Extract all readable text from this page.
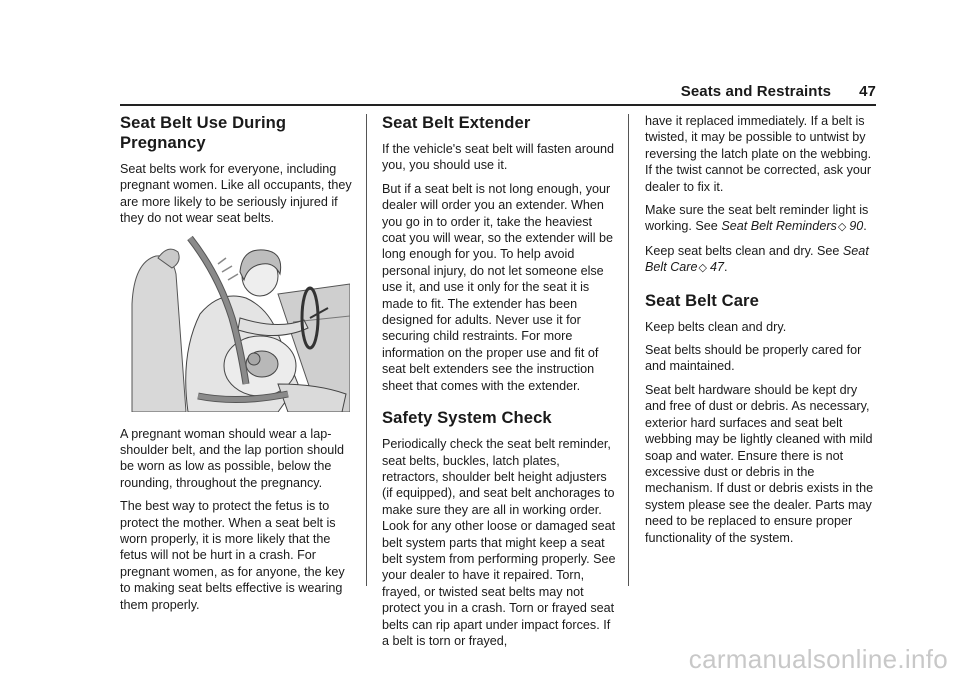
Seats and Restraints 47
Seat Belt Use During Pregnancy

Seat belts work for everyone, including pregnant women. Like all occupants, they are more likely to be seriously injured if they do not wear seat belts.

A pregnant woman should wear a lap-shoulder belt, and the lap portion should be worn as low as possible, below the rounding, throughout the pregnancy.

The best way to protect the fetus is to protect the mother. When a seat belt is worn properly, it is more likely that the fetus will not be hurt in a crash. For pregnant women, as for anyone, the key to making seat belts effective is wearing them properly.

Seat Belt Extender

If the vehicle's seat belt will fasten around you, you should use it.

But if a seat belt is not long enough, your dealer will order you an extender. When you go in to order it, take the heaviest coat you will wear, so the extender will be long enough for you. To help avoid personal injury, do not let someone else use it, and use it only for the seat it is made to fit. The extender has been designed for adults. Never use it for securing child restraints. For more information on the proper use and fit of seat belt extenders see the instruction sheet that comes with the extender.

Safety System Check

Periodically check the seat belt reminder, seat belts, buckles, latch plates, retractors, shoulder belt height adjusters (if equipped), and seat belt anchorages to make sure they are all in working order. Look for any other loose or damaged seat belt system parts that might keep a seat belt system from performing properly. See your dealer to have it repaired. Torn, frayed, or twisted seat belts may not protect you in a crash. Torn or frayed seat belts can rip apart under impact forces. If a belt is torn or frayed,

have it replaced immediately. If a belt is twisted, it may be possible to untwist by reversing the latch plate on the webbing. If the twist cannot be corrected, ask your dealer to fix it.

Make sure the seat belt reminder light is working. See Seat Belt Reminders◇ 90.

Keep seat belts clean and dry. See Seat Belt Care◇ 47.

Seat Belt Care

Keep belts clean and dry.

Seat belts should be properly cared for and maintained.

Seat belt hardware should be kept dry and free of dust or debris. As necessary, exterior hard surfaces and seat belt webbing may be lightly cleaned with mild soap and water. Ensure there is not excessive dust or debris in the mechanism. If dust or debris exists in the system please see the dealer. Parts may need to be replaced to ensure proper functionality of the system.

carmanualsonline.info
